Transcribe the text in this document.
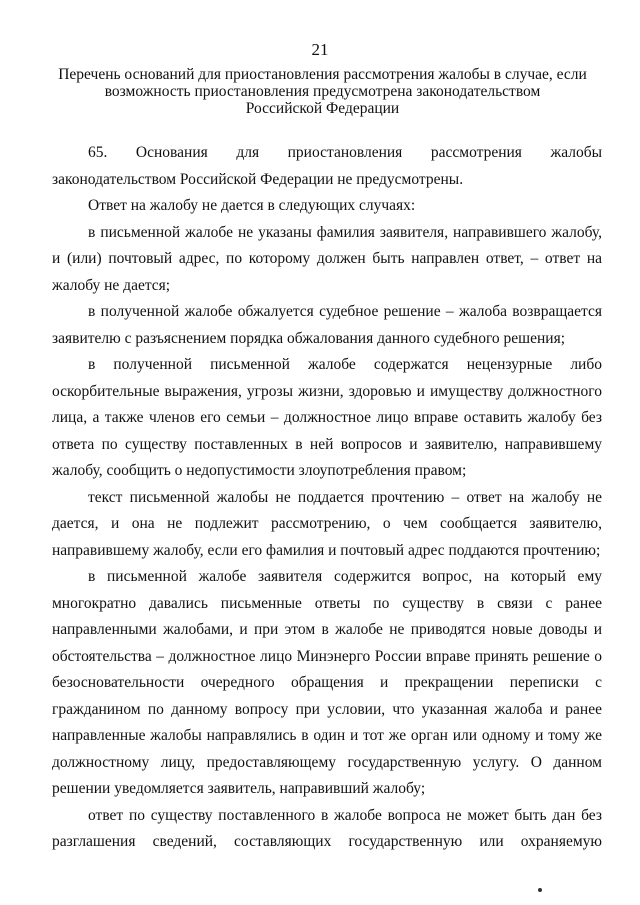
21
Перечень оснований для приостановления рассмотрения жалобы в случае, если
возможность приостановления предусмотрена законодательством
Российской Федерации

65. Основания для приостановления рассмотрения жалобы законодательством Российской Федерации не предусмотрены.

Ответ на жалобу не дается в следующих случаях:

в письменной жалобе не указаны фамилия заявителя, направившего жалобу, и (или) почтовый адрес, по которому должен быть направлен ответ, – ответ на жалобу не дается;

в полученной жалобе обжалуется судебное решение – жалоба возвращается заявителю с разъяснением порядка обжалования данного судебного решения;

в полученной письменной жалобе содержатся нецензурные либо оскорбительные выражения, угрозы жизни, здоровью и имуществу должностного лица, а также членов его семьи – должностное лицо вправе оставить жалобу без ответа по существу поставленных в ней вопросов и заявителю, направившему жалобу, сообщить о недопустимости злоупотребления правом;

текст письменной жалобы не поддается прочтению – ответ на жалобу не дается, и она не подлежит рассмотрению, о чем сообщается заявителю, направившему жалобу, если его фамилия и почтовый адрес поддаются прочтению;

в письменной жалобе заявителя содержится вопрос, на который ему многократно давались письменные ответы по существу в связи с ранее направленными жалобами, и при этом в жалобе не приводятся новые доводы и обстоятельства – должностное лицо Минэнерго России вправе принять решение о безосновательности очередного обращения и прекращении переписки с гражданином по данному вопросу при условии, что указанная жалоба и ранее направленные жалобы направлялись в один и тот же орган или одному и тому же должностному лицу, предоставляющему государственную услугу. О данном решении уведомляется заявитель, направивший жалобу;

ответ по существу поставленного в жалобе вопроса не может быть дан без разглашения сведений, составляющих государственную или охраняемую
